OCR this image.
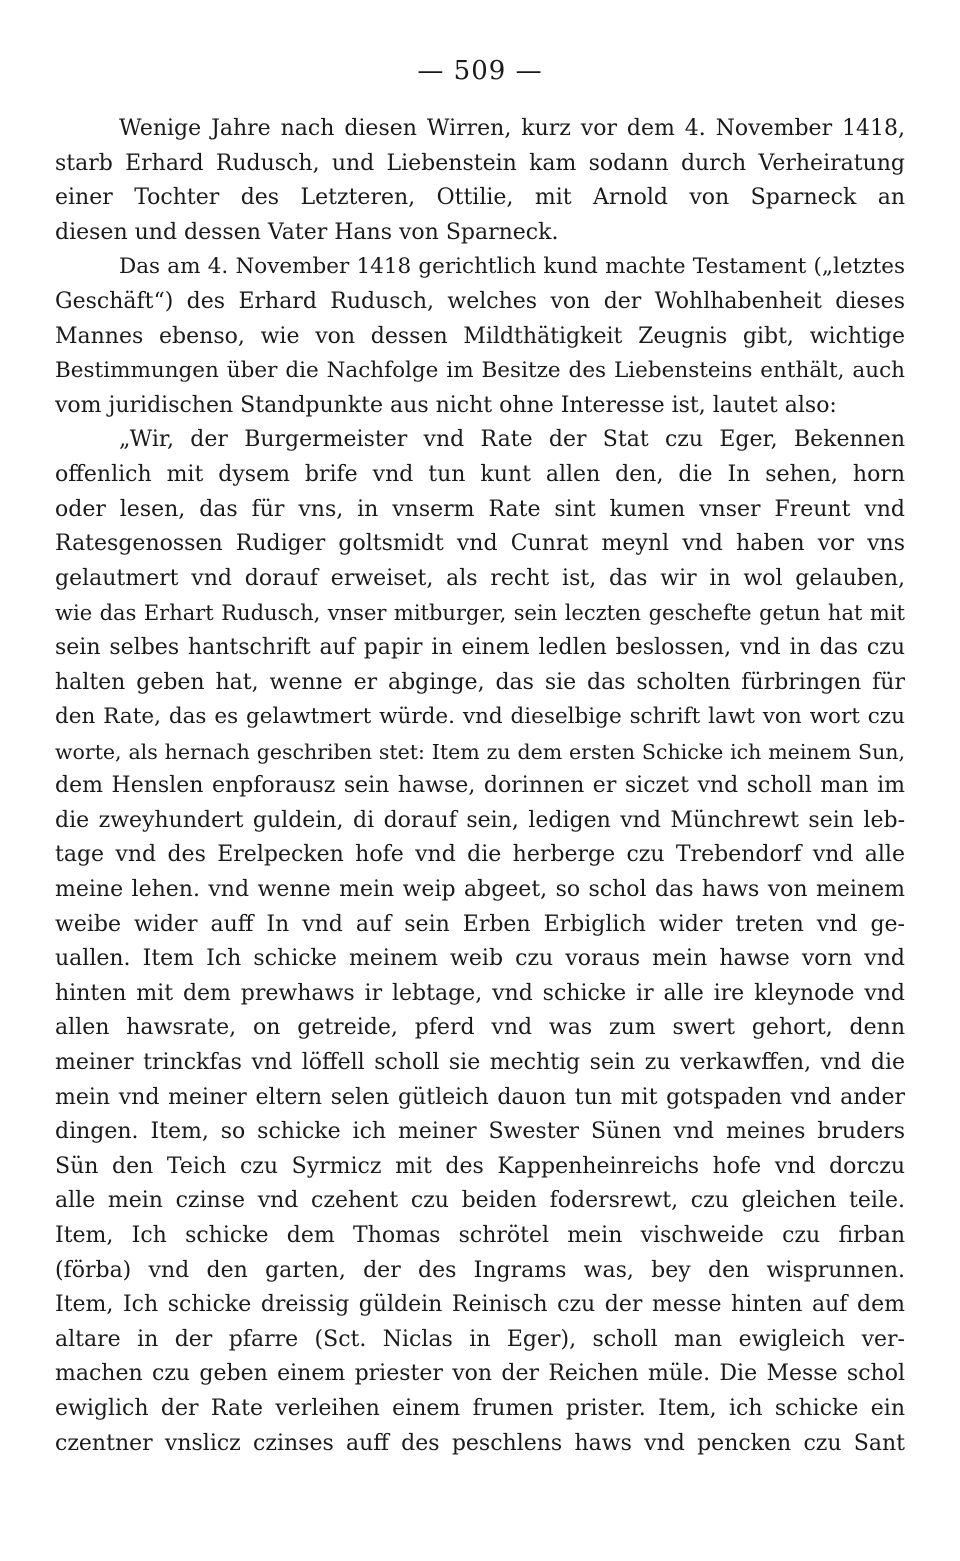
— 509 —
Wenige Jahre nach diesen Wirren, kurz vor dem 4. November 1418,
starb Erhard Rudusch, und Liebenstein kam sodann durch Verheiratung
einer Tochter des Letzteren, Ottilie, mit Arnold von Sparneck an
diesen und dessen Vater Hans von Sparneck.
Das am 4. November 1418 gerichtlich kund machte Testament („letztes
Geschäft“) des Erhard Rudusch, welches von der Wohlhabenheit dieses
Mannes ebenso, wie von dessen Mildthätigkeit Zeugnis gibt, wichtige
Bestimmungen über die Nachfolge im Besitze des Liebensteins enthält, auch
vom juridischen Standpunkte aus nicht ohne Interesse ist, lautet also:
„Wir, der Burgermeister vnd Rate der Stat czu Eger, Bekennen
offenlich mit dysem brife vnd tun kunt allen den, die In sehen, horn
oder lesen, das für vns, in vnserm Rate sint kumen vnser Freunt vnd
Ratesgenossen Rudiger goltsmidt vnd Cunrat meynl vnd haben vor vns
gelautmert vnd dorauf erweiset, als recht ist, das wir in wol gelauben,
wie das Erhart Rudusch, vnser mitburger, sein leczten geschefte getun hat mit
sein selbes hantschrift auf papir in einem ledlen beslossen, vnd in das czu
halten geben hat, wenne er abginge, das sie das scholten fürbringen für
den Rate, das es gelawtmert würde. vnd dieselbige schrift lawt von wort czu
worte, als hernach geschriben stet: Item zu dem ersten Schicke ich meinem Sun,
dem Henslen enpforausz sein hawse, dorinnen er siczet vnd scholl man im
die zweyhundert guldein, di dorauf sein, ledigen vnd Münchrewt sein leb-
tage vnd des Erelpecken hofe vnd die herberge czu Trebendorf vnd alle
meine lehen. vnd wenne mein weip abgeet, so schol das haws von meinem
weibe wider auff In vnd auf sein Erben Erbiglich wider treten vnd ge-
uallen. Item Ich schicke meinem weib czu voraus mein hawse vorn vnd
hinten mit dem prewhaws ir lebtage, vnd schicke ir alle ire kleynode vnd
allen hawsrate, on getreide, pferd vnd was zum swert gehort, denn
meiner trinckfas vnd löffell scholl sie mechtig sein zu verkawffen, vnd die
mein vnd meiner eltern selen gütleich dauon tun mit gotspaden vnd ander
dingen. Item, so schicke ich meiner Swester Sünen vnd meines bruders
Sün den Teich czu Syrmicz mit des Kappenheinreichs hofe vnd dorczu
alle mein czinse vnd czehent czu beiden fodersrewt, czu gleichen teile.
Item, Ich schicke dem Thomas schrötel mein vischweide czu firban
(förba) vnd den garten, der des Ingrams was, bey den wisprunnen.
Item, Ich schicke dreissig güldein Reinisch czu der messe hinten auf dem
altare in der pfarre (Sct. Niclas in Eger), scholl man ewigleich ver-
machen czu geben einem priester von der Reichen müle. Die Messe schol
ewiglich der Rate verleihen einem frumen prister. Item, ich schicke ein
czentner vnslicz czinses auff des peschlens haws vnd pencken czu Sant
